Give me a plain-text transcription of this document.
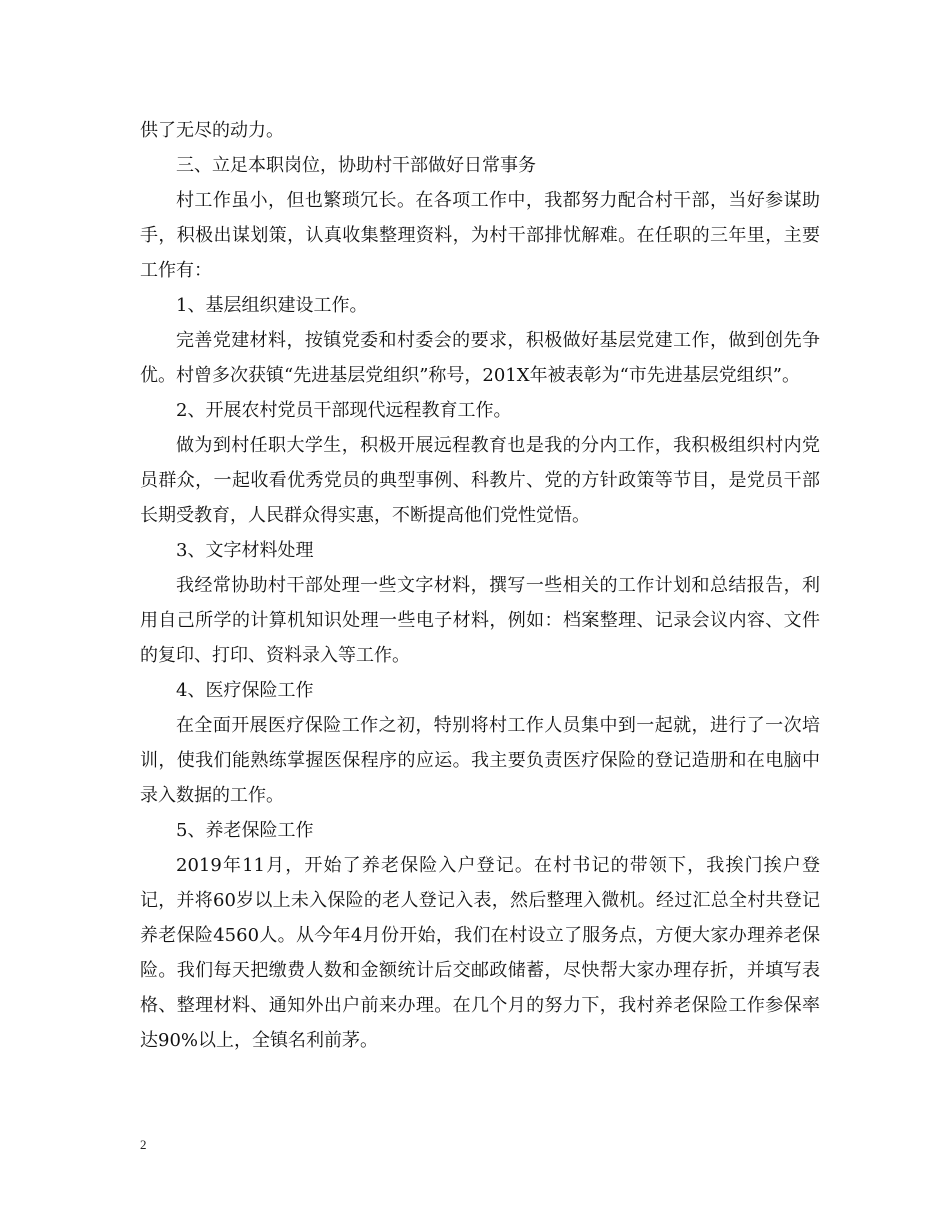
供了无尽的动力。

三、立足本职岗位，协助村干部做好日常事务

村工作虽小，但也繁琐冗长。在各项工作中，我都努力配合村干部，当好参谋助手，积极出谋划策，认真收集整理资料，为村干部排忧解难。在任职的三年里，主要工作有：

1、基层组织建设工作。

完善党建材料，按镇党委和村委会的要求，积极做好基层党建工作，做到创先争优。村曾多次获镇“先进基层党组织”称号，201X年被表彰为“市先进基层党组织”。

2、开展农村党员干部现代远程教育工作。

做为到村任职大学生，积极开展远程教育也是我的分内工作，我积极组织村内党员群众，一起收看优秀党员的典型事例、科教片、党的方针政策等节目，是党员干部长期受教育，人民群众得实惠，不断提高他们党性觉悟。

3、文字材料处理

我经常协助村干部处理一些文字材料，撰写一些相关的工作计划和总结报告，利用自己所学的计算机知识处理一些电子材料，例如：档案整理、记录会议内容、文件的复印、打印、资料录入等工作。

4、医疗保险工作

在全面开展医疗保险工作之初，特别将村工作人员集中到一起就，进行了一次培训，使我们能熟练掌握医保程序的应运。我主要负责医疗保险的登记造册和在电脑中录入数据的工作。

5、养老保险工作

2019年11月，开始了养老保险入户登记。在村书记的带领下，我挨门挨户登记，并将60岁以上未入保险的老人登记入表，然后整理入微机。经过汇总全村共登记养老保险4560人。从今年4月份开始，我们在村设立了服务点，方便大家办理养老保险。我们每天把缴费人数和金额统计后交邮政储蓄，尽快帮大家办理存折，并填写表格、整理材料、通知外出户前来办理。在几个月的努力下，我村养老保险工作参保率达90%以上，全镇名利前茅。

2
